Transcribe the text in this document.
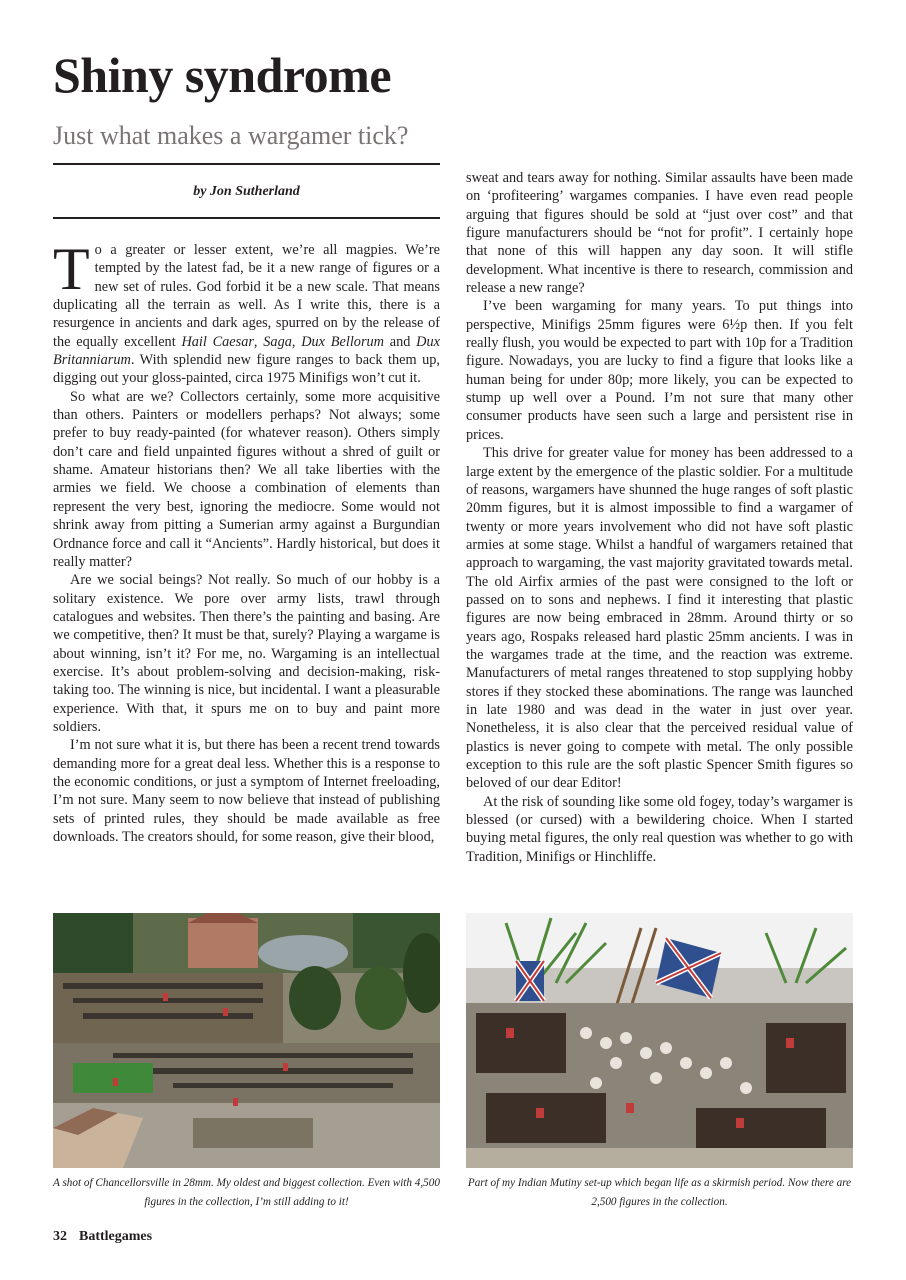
Shiny syndrome
Just what makes a wargamer tick?
by Jon Sutherland

To a greater or lesser extent, we’re all magpies. We’re tempted by the latest fad, be it a new range of figures or a new set of rules. God forbid it be a new scale. That means duplicating all the terrain as well. As I write this, there is a resurgence in ancients and dark ages, spurred on by the release of the equally excellent Hail Caesar, Saga, Dux Bellorum and Dux Britanniarum. With splendid new figure ranges to back them up, digging out your gloss-painted, circa 1975 Minifigs won’t cut it.

So what are we? Collectors certainly, some more acquisitive than others. Painters or modellers perhaps? Not always; some prefer to buy ready-painted (for whatever reason). Others simply don’t care and field unpainted figures without a shred of guilt or shame. Amateur historians then? We all take liberties with the armies we field. We choose a combination of elements than represent the very best, ignoring the mediocre. Some would not shrink away from pitting a Sumerian army against a Burgundian Ordnance force and call it “Ancients”. Hardly historical, but does it really matter?

Are we social beings? Not really. So much of our hobby is a solitary existence. We pore over army lists, trawl through catalogues and websites. Then there’s the painting and basing. Are we competitive, then? It must be that, surely? Playing a wargame is about winning, isn’t it? For me, no. Wargaming is an intellectual exercise. It’s about problem-solving and decision-making, risk-taking too. The winning is nice, but incidental. I want a pleasurable experience. With that, it spurs me on to buy and paint more soldiers.

I’m not sure what it is, but there has been a recent trend towards demanding more for a great deal less. Whether this is a response to the economic conditions, or just a symptom of Internet freeloading, I’m not sure. Many seem to now believe that instead of publishing sets of printed rules, they should be made available as free downloads. The creators should, for some reason, give their blood,

sweat and tears away for nothing. Similar assaults have been made on ‘profiteering’ wargames companies. I have even read people arguing that figures should be sold at “just over cost” and that figure manufacturers should be “not for profit”. I certainly hope that none of this will happen any day soon. It will stifle development. What incentive is there to research, commission and release a new range?

I’ve been wargaming for many years. To put things into perspective, Minifigs 25mm figures were 6½p then. If you felt really flush, you would be expected to part with 10p for a Tradition figure. Nowadays, you are lucky to find a figure that looks like a human being for under 80p; more likely, you can be expected to stump up well over a Pound. I’m not sure that many other consumer products have seen such a large and persistent rise in prices.

This drive for greater value for money has been addressed to a large extent by the emergence of the plastic soldier. For a multitude of reasons, wargamers have shunned the huge ranges of soft plastic 20mm figures, but it is almost impossible to find a wargamer of twenty or more years involvement who did not have soft plastic armies at some stage. Whilst a handful of wargamers retained that approach to wargaming, the vast majority gravitated towards metal. The old Airfix armies of the past were consigned to the loft or passed on to sons and nephews. I find it interesting that plastic figures are now being embraced in 28mm. Around thirty or so years ago, Rospaks released hard plastic 25mm ancients. I was in the wargames trade at the time, and the reaction was extreme. Manufacturers of metal ranges threatened to stop supplying hobby stores if they stocked these abominations. The range was launched in late 1980 and was dead in the water in just over year. Nonetheless, it is also clear that the perceived residual value of plastics is never going to compete with metal. The only possible exception to this rule are the soft plastic Spencer Smith figures so beloved of our dear Editor!

At the risk of sounding like some old fogey, today’s wargamer is blessed (or cursed) with a bewildering choice. When I started buying metal figures, the only real question was whether to go with Tradition, Minifigs or Hinchliffe.

A shot of Chancellorsville in 28mm. My oldest and biggest collection. Even with 4,500 figures in the collection, I’m still adding to it!
Part of my Indian Mutiny set-up which began life as a skirmish period. Now there are 2,500 figures in the collection.
32 Battlegames
